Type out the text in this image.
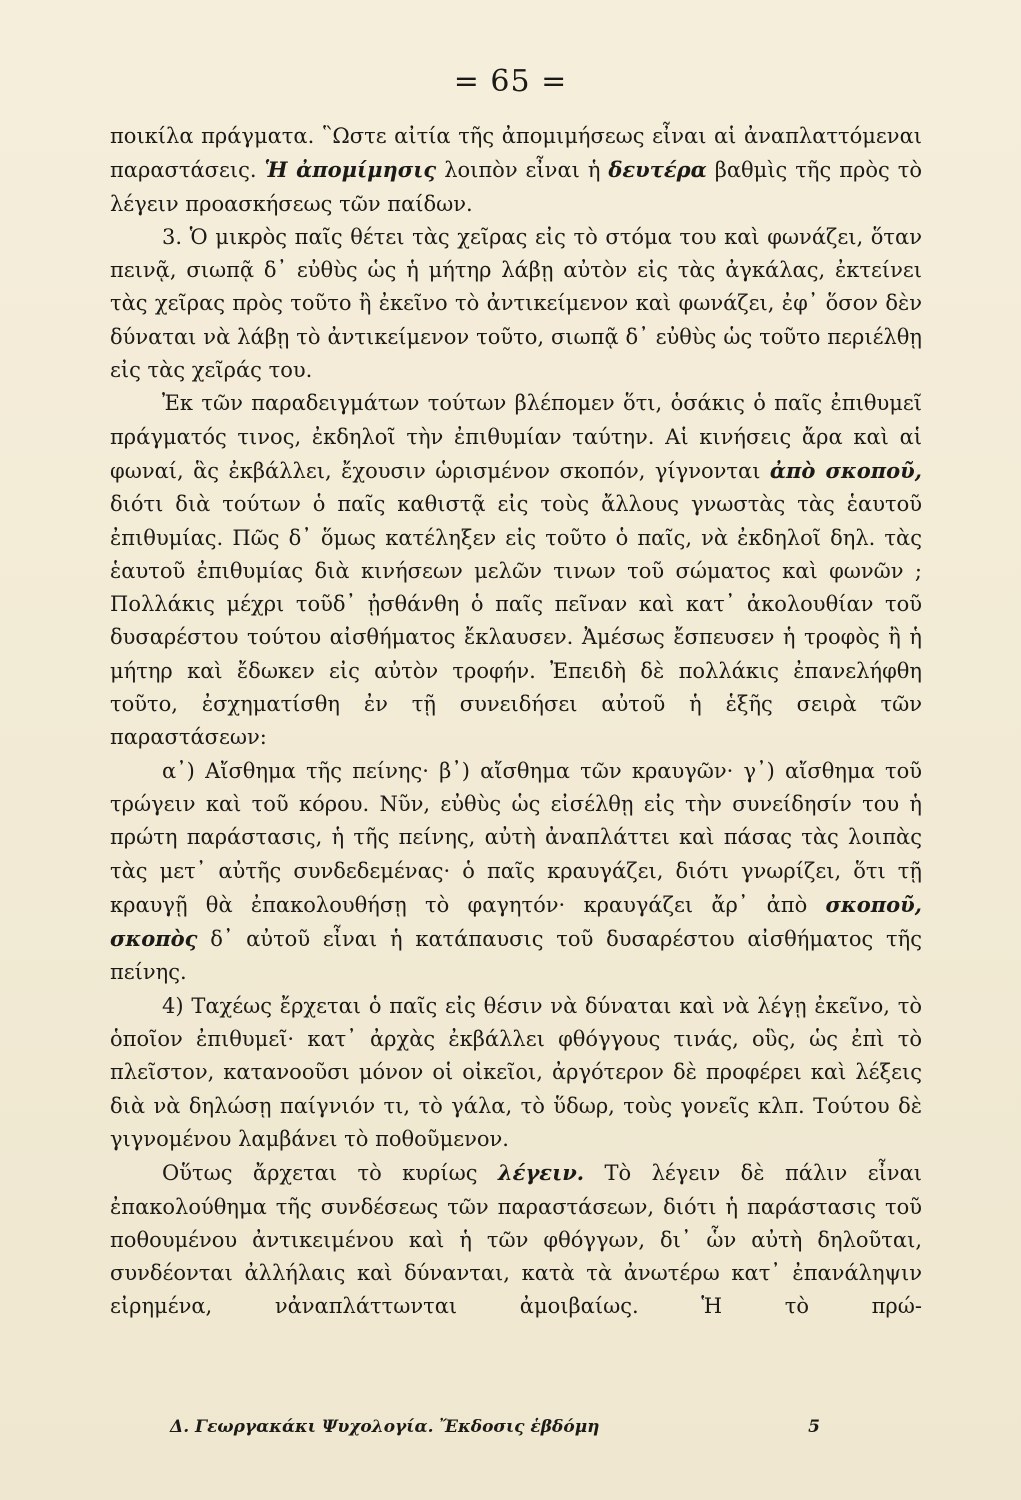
= 65 =

ποικίλα πράγματα. ῝Ωστε αἰτία τῆς ἀπομιμήσεως εἶναι αἱ ἀναπλαττόμεναι παραστάσεις. Ἡ ἀπομίμησις λοιπὸν εἶναι ἡ δευτέρα βαθμὶς τῆς πρὸς τὸ λέγειν προασκήσεως τῶν παίδων.

3. Ὁ μικρὸς παῖς θέτει τὰς χεῖρας εἰς τὸ στόμα του καὶ φωνάζει, ὅταν πεινᾷ, σιωπᾷ δ᾽ εὐθὺς ὡς ἡ μήτηρ λάβῃ αὐτὸν εἰς τὰς ἀγκάλας, ἐκτείνει τὰς χεῖρας πρὸς τοῦτο ἢ ἐκεῖνο τὸ ἀντικείμενον καὶ φωνάζει, ἐφ᾽ ὅσον δὲν δύναται νὰ λάβῃ τὸ ἀντικείμενον τοῦτο, σιωπᾷ δ᾽ εὐθὺς ὡς τοῦτο περιέλθῃ εἰς τὰς χεῖράς του.

Ἐκ τῶν παραδειγμάτων τούτων βλέπομεν ὅτι, ὁσάκις ὁ παῖς ἐπιθυμεῖ πράγματός τινος, ἐκδηλοῖ τὴν ἐπιθυμίαν ταύτην. Αἱ κινήσεις ἄρα καὶ αἱ φωναί, ἃς ἐκβάλλει, ἔχουσιν ὡρισμένον σκοπόν, γίγνονται ἀπὸ σκοποῦ, διότι διὰ τούτων ὁ παῖς καθιστᾷ εἰς τοὺς ἄλλους γνωστὰς τὰς ἑαυτοῦ ἐπιθυμίας. Πῶς δ᾽ ὅμως κατέληξεν εἰς τοῦτο ὁ παῖς, νὰ ἐκδηλοῖ δηλ. τὰς ἑαυτοῦ ἐπιθυμίας διὰ κινήσεων μελῶν τινων τοῦ σώματος καὶ φωνῶν ; Πολλάκις μέχρι τοῦδ᾽ ᾐσθάνθη ὁ παῖς πεῖναν καὶ κατ᾽ ἀκολουθίαν τοῦ δυσαρέστου τούτου αἰσθήματος ἔκλαυσεν. Ἀμέσως ἔσπευσεν ἡ τροφὸς ἢ ἡ μήτηρ καὶ ἔδωκεν εἰς αὐτὸν τροφήν. Ἐπειδὴ δὲ πολλάκις ἐπανελήφθη τοῦτο, ἐσχηματίσθη ἐν τῇ συνειδήσει αὐτοῦ ἡ ἑξῆς σειρὰ τῶν παραστάσεων:

α᾽) Αἴσθημα τῆς πείνης· β᾽) αἴσθημα τῶν κραυγῶν· γ᾽) αἴσθημα τοῦ τρώγειν καὶ τοῦ κόρου. Νῦν, εὐθὺς ὡς εἰσέλθῃ εἰς τὴν συνείδησίν του ἡ πρώτη παράστασις, ἡ τῆς πείνης, αὐτὴ ἀναπλάττει καὶ πάσας τὰς λοιπὰς τὰς μετ᾽ αὐτῆς συνδεδεμένας· ὁ παῖς κραυγάζει, διότι γνωρίζει, ὅτι τῇ κραυγῇ θὰ ἐπακολουθήσῃ τὸ φαγητόν· κραυγάζει ἄρ᾽ ἀπὸ σκοποῦ, σκοπὸς δ᾽ αὐτοῦ εἶναι ἡ κατάπαυσις τοῦ δυσαρέστου αἰσθήματος τῆς πείνης.

4) Ταχέως ἔρχεται ὁ παῖς εἰς θέσιν νὰ δύναται καὶ νὰ λέγῃ ἐκεῖνο, τὸ ὁποῖον ἐπιθυμεῖ· κατ᾽ ἀρχὰς ἐκβάλλει φθόγγους τινάς, οὓς, ὡς ἐπὶ τὸ πλεῖστον, κατανοοῦσι μόνον οἱ οἰκεῖοι, ἀργότερον δὲ προφέρει καὶ λέξεις διὰ νὰ δηλώσῃ παίγνιόν τι, τὸ γάλα, τὸ ὕδωρ, τοὺς γονεῖς κλπ. Τούτου δὲ γιγνομένου λαμβάνει τὸ ποθοῦμενον.

Οὕτως ἄρχεται τὸ κυρίως λέγειν. Τὸ λέγειν δὲ πάλιν εἶναι ἐπακολούθημα τῆς συνδέσεως τῶν παραστάσεων, διότι ἡ παράστασις τοῦ ποθουμένου ἀντικειμένου καὶ ἡ τῶν φθόγγων, δι᾽ ὧν αὐτὴ δηλοῦται, συνδέονται ἀλλήλαις καὶ δύνανται, κατὰ τὰ ἀνωτέρω κατ᾽ ἐπανάληψιν εἰρημένα, νἀναπλάττωνται ἀμοιβαίως. Ἡ τὸ πρώ-

Δ. Γεωργακάκι Ψυχολογία. Ἔκδοσις ἑβδόμη	5
